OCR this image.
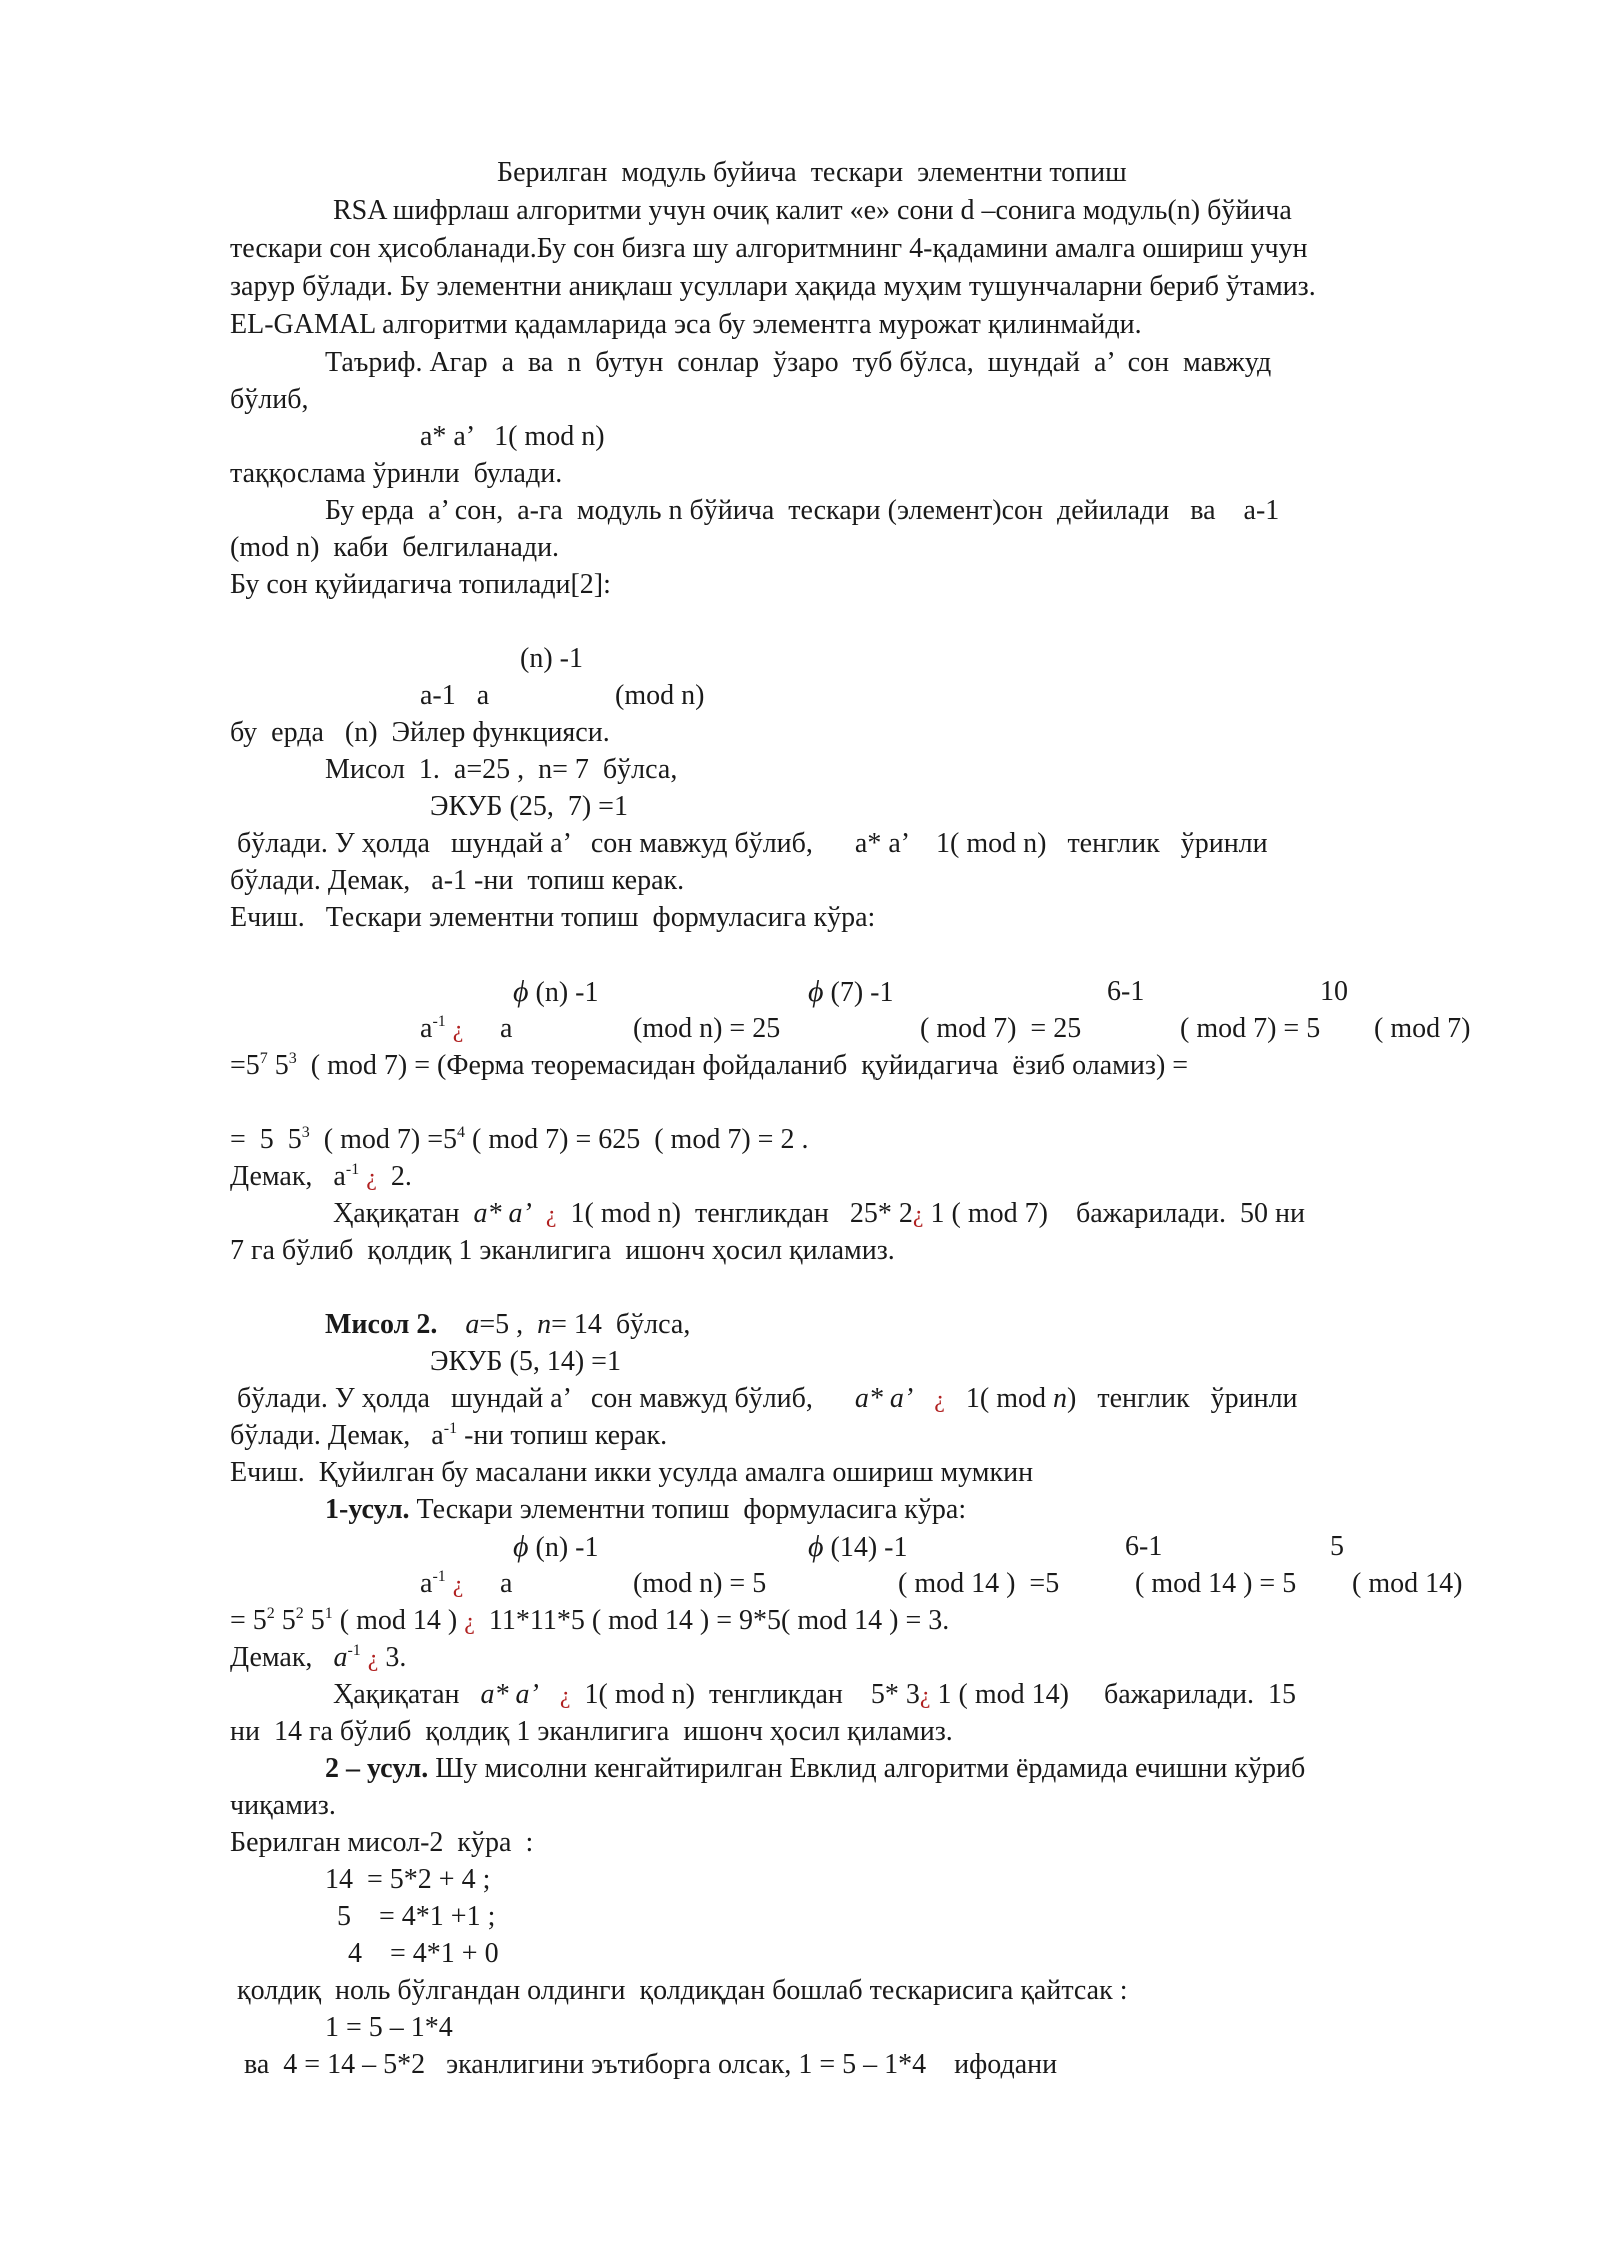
Берилган  модуль буйича  тескари  элементни топиш
RSA шифрлаш алгоритми учун очиқ калит «e» сони d –сонига модуль(n) бўйича
тескари сон ҳисобланади.Бу сон бизга шу алгоритмнинг 4-қадамини амалга ошириш учун
зарур бўлади. Бу элементни аниқлаш усуллари ҳақида муҳим тушунчаларни бериб ўтамиз.
EL-GAMAL алгоритми қадамларида эса бу элементга мурожат қилинмайди.
Таъриф. Агар  a  ва  n  бутун  сонлар  ўзаро  туб бўлса,  шундай  a’  сон  мавжуд
бўлиб,
a* a’   1( mod n)
таққослама ўринли  булади.
Бу ерда  a’ сон,  a-га  модуль n бўйича  тескари (элемент)сон  дейилади   ва    a-1
(mod n)  каби  белгиланади.
Бу сон қуйидагича топилади[2]:
(n) -1
a-1   a	(mod n)
бу  ерда   (n)  Эйлер функцияси.
Мисол  1.  a=25 ,  n= 7  бўлса,
ЭКУБ (25,  7) =1
бўлади. У ҳолда   шундай a’   сон мавжуд бўлиб,      a* a’    1( mod n)   тенглик   ўринли
бўлади. Демак,   a-1 -ни  топиш керак.
Ечиш.   Тескари элементни топиш  формуласига кўра:
ϕ (n) -1	ϕ (7) -1	6-1	10
$a^{-1}$ ¿ a	(mod n) = 25	( mod 7)  = 25	( mod 7) = 5 ( mod 7)
$=5^7$ $5^3$ ( mod 7) = (Ферма теоремасидан фойдаланиб  қуйидагича  ёзиб оламиз) =
=  5  $5^3$  ( mod $7) =5^4$ ( mod 7) = 625  ( mod 7) = 2 .
Демак,   $a^{-1}$ ¿ 2.
Ҳақиқатан a* a’ ¿ 1( mod n)  тенгликдан   25* 2¿ 1 ( mod 7)    бажарилади.  50 ни
7 га бўлиб  қолдиқ 1 эканлигига  ишонч ҳосил қиламиз.
Мисол 2. a=5 ,  n= 14  бўлса,
ЭКУБ (5, 14) =1
бўлади. У ҳолда   шундай a’   сон мавжуд бўлиб, a* a’ ¿   1( mod n)   тенглик   ўринли
бўлади. Демак,   $a^{-1}$ -ни топиш керак.
Ечиш.  Қуйилган бу масалани икки усулда амалга ошириш мумкин
1-усул. Тескари элементни топиш  формуласига кўра:
ϕ (n) -1	ϕ (14) -1	6-1	5
$a^{-1}$ ¿ a	(mod n) = 5	( mod 14 )  =5	( mod 14 ) = 5 ( mod 14)
= $5^2$ $5^2$ $5^1$ ( mod 14 ) ¿  11*11*5 ( mod 14 ) = 9*5( mod 14 ) = 3.
Демак,   $a^{-1}$ ¿ 3.
Ҳақиқатан a* a’ ¿ 1( mod n)  тенгликдан    5* 3¿ 1 ( mod 14)     бажарилади.  15
ни  14 га бўлиб  қолдиқ 1 эканлигига  ишонч ҳосил қиламиз.
2 – усул. Шу мисолни кенгайтирилган Евклид алгоритми ёрдамида ечишни кўриб
чиқамиз.
Берилган мисол-2  кўра  :
14  = 5*2 + 4 ;
5    = 4*1 +1 ;
4    = 4*1 + 0
қолдиқ  ноль бўлгандан олдинги  қолдиқдан бошлаб тескарисига қайтсак :
1 = 5 – 1*4
ва  4 = 14 – 5*2   эканлигини эътиборга олсак, 1 = 5 – 1*4    ифодани
